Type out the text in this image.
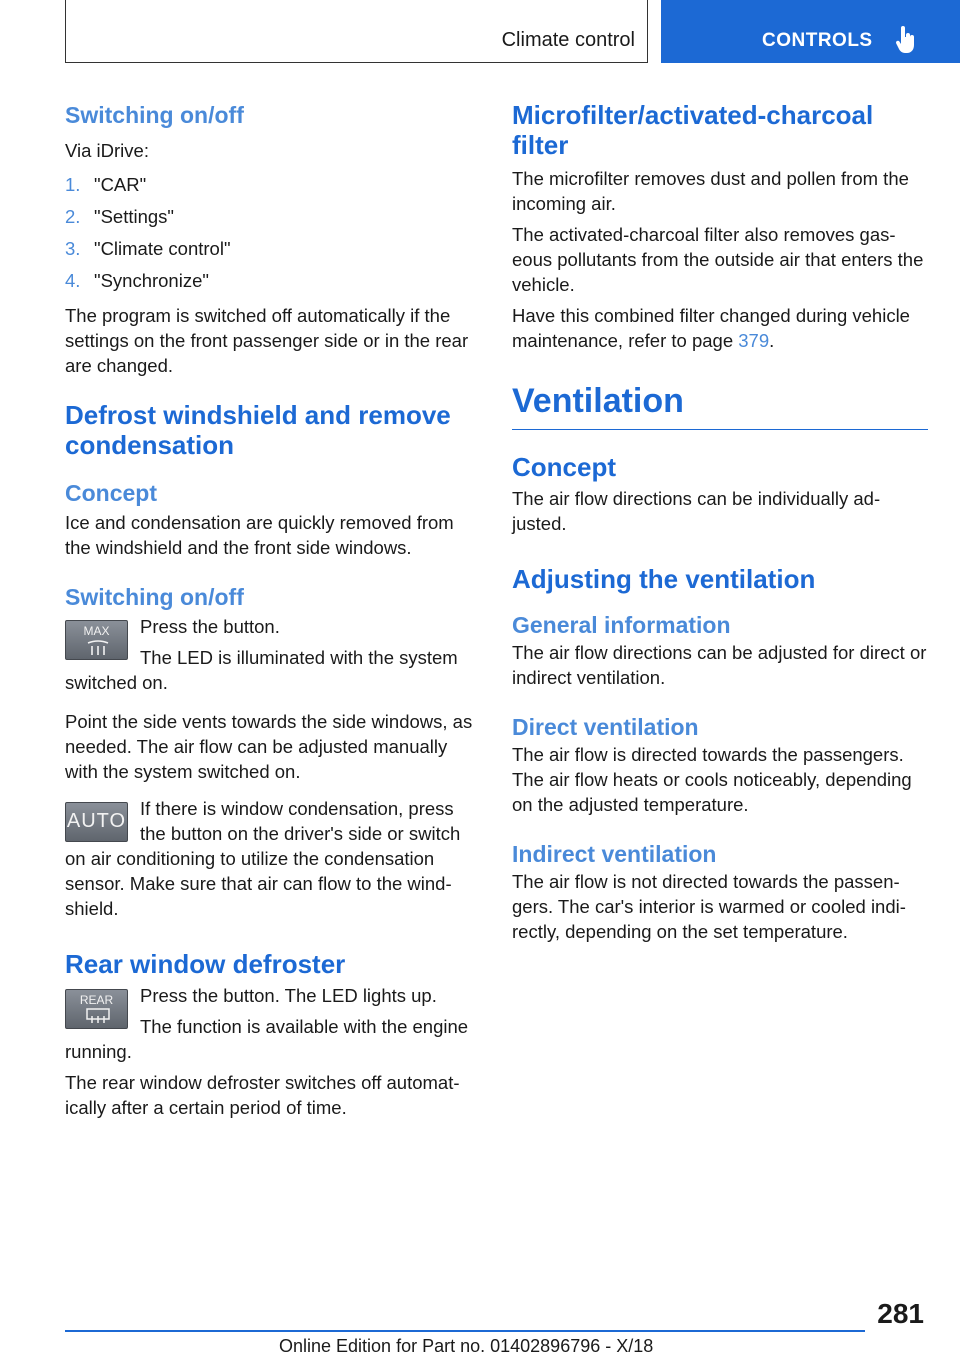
Climate control	CONTROLS
Switching on/off

Via iDrive:

1. "CAR"
2. "Settings"
3. "Climate control"
4. "Synchronize"

The program is switched off automatically if the settings on the front passenger side or in the rear are changed.

Defrost windshield and remove condensation
Concept

Ice and condensation are quickly removed from the windshield and the front side windows.

Switching on/off
MAX	Press the button.

The LED is illuminated with the system switched on.

Point the side vents towards the side windows, as needed. The air flow can be adjusted manually with the system switched on.

AUTO

If there is window condensation, press the button on the driver's side or switch on air conditioning to utilize the condensation sensor. Make sure that air can flow to the windshield.

Rear window defroster
REAR	Press the button. The LED lights up.

The function is available with the engine running.

The rear window defroster switches off automatically after a certain period of time.

Microfilter/activated-charcoal filter

The microfilter removes dust and pollen from the incoming air.

The activated-charcoal filter also removes gaseous pollutants from the outside air that enters the vehicle.

Have this combined filter changed during vehicle maintenance, refer to page 379.

Ventilation
Concept

The air flow directions can be individually adjusted.

Adjusting the ventilation
General information

The air flow directions can be adjusted for direct or indirect ventilation.

Direct ventilation

The air flow is directed towards the passengers. The air flow heats or cools noticeably, depending on the adjusted temperature.

Indirect ventilation

The air flow is not directed towards the passengers. The car's interior is warmed or cooled indirectly, depending on the set temperature.

281
Online Edition for Part no. 01402896796 - X/18
